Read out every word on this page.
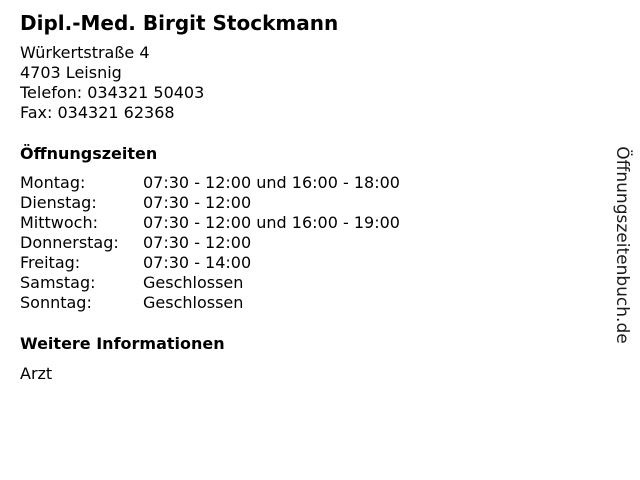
Dipl.-Med. Birgit Stockmann
Würkertstraße 4
4703 Leisnig
Telefon: 034321 50403
Fax: 034321 62368
Öffnungszeiten
Montag:	07:30 - 12:00 und 16:00 - 18:00
Dienstag:	07:30 - 12:00
Mittwoch:	07:30 - 12:00 und 16:00 - 19:00
Donnerstag:	07:30 - 12:00
Freitag:	07:30 - 14:00
Samstag:	Geschlossen
Sonntag:	Geschlossen
Weitere Informationen
Arzt
Öffnungszeitenbuch.de
